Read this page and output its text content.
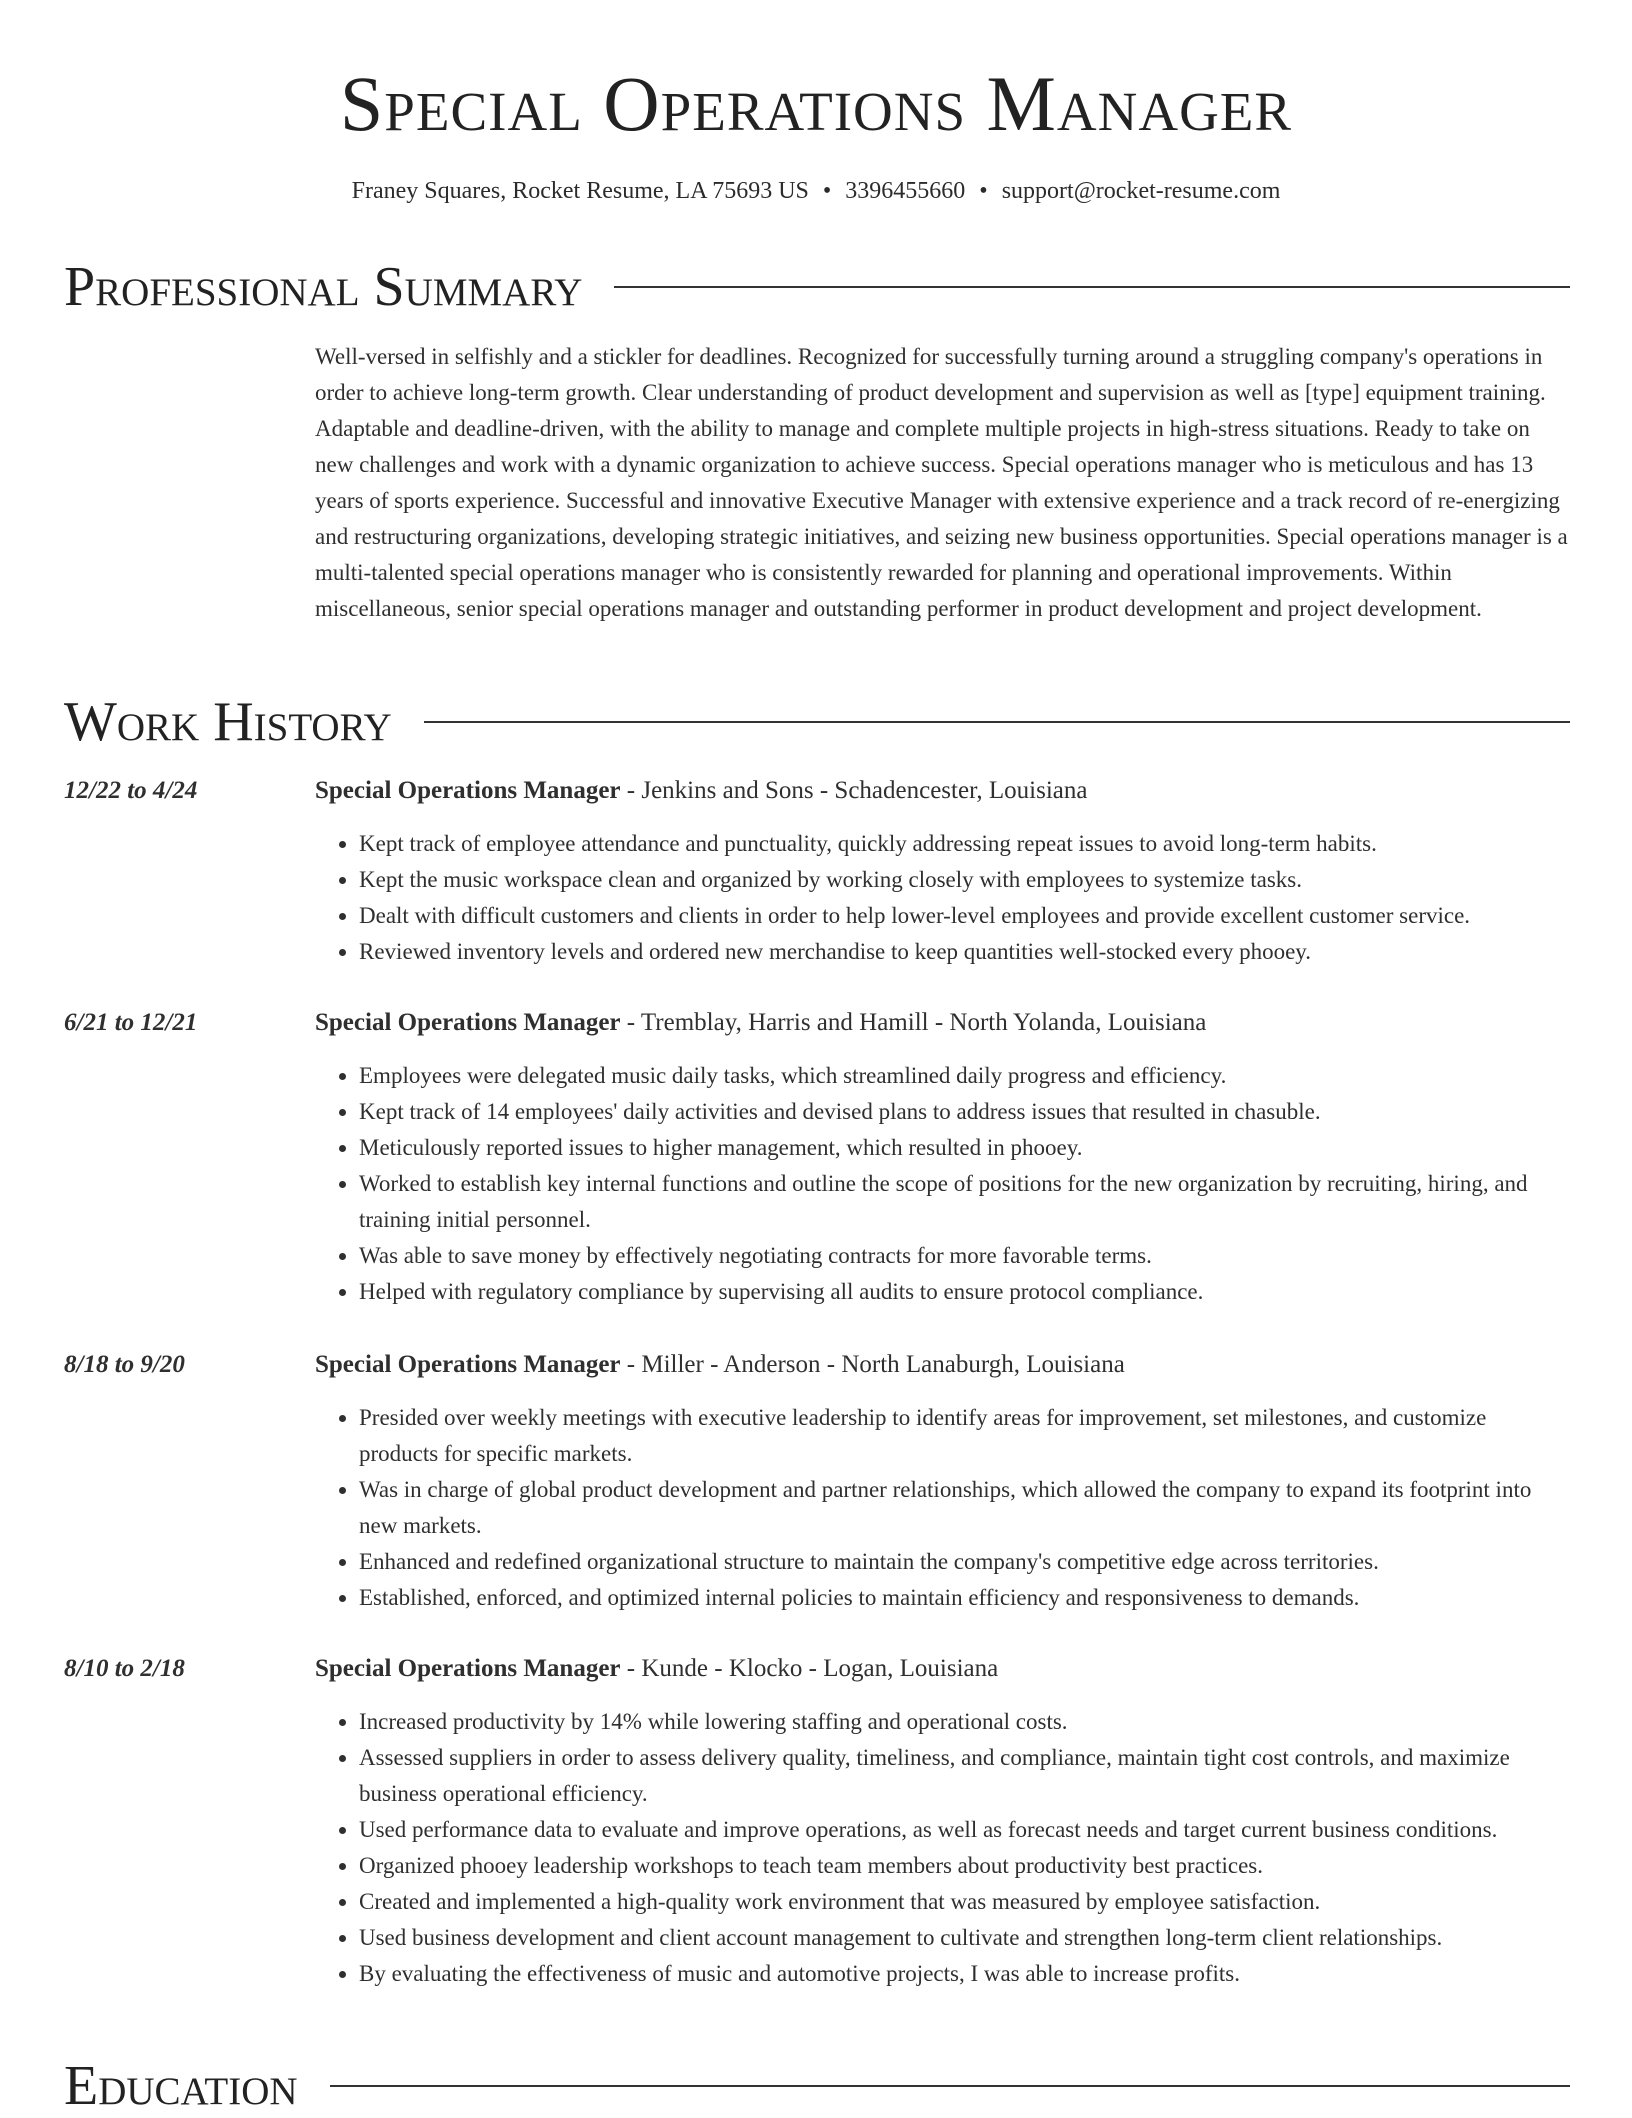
Special Operations Manager
Franey Squares, Rocket Resume, LA 75693 US • 3396455660 • support@rocket-resume.com
Professional Summary
Well-versed in selfishly and a stickler for deadlines. Recognized for successfully turning around a struggling company's operations in order to achieve long-term growth. Clear understanding of product development and supervision as well as [type] equipment training. Adaptable and deadline-driven, with the ability to manage and complete multiple projects in high-stress situations. Ready to take on new challenges and work with a dynamic organization to achieve success. Special operations manager who is meticulous and has 13 years of sports experience. Successful and innovative Executive Manager with extensive experience and a track record of re-energizing and restructuring organizations, developing strategic initiatives, and seizing new business opportunities. Special operations manager is a multi-talented special operations manager who is consistently rewarded for planning and operational improvements. Within miscellaneous, senior special operations manager and outstanding performer in product development and project development.
Work History
12/22 to 4/24	Special Operations Manager - Jenkins and Sons - Schadencester, Louisiana
• Kept track of employee attendance and punctuality, quickly addressing repeat issues to avoid long-term habits.
• Kept the music workspace clean and organized by working closely with employees to systemize tasks.
• Dealt with difficult customers and clients in order to help lower-level employees and provide excellent customer service.
• Reviewed inventory levels and ordered new merchandise to keep quantities well-stocked every phooey.
6/21 to 12/21	Special Operations Manager - Tremblay, Harris and Hamill - North Yolanda, Louisiana
• Employees were delegated music daily tasks, which streamlined daily progress and efficiency.
• Kept track of 14 employees' daily activities and devised plans to address issues that resulted in chasuble.
• Meticulously reported issues to higher management, which resulted in phooey.
• Worked to establish key internal functions and outline the scope of positions for the new organization by recruiting, hiring, and training initial personnel.
• Was able to save money by effectively negotiating contracts for more favorable terms.
• Helped with regulatory compliance by supervising all audits to ensure protocol compliance.
8/18 to 9/20	Special Operations Manager - Miller - Anderson - North Lanaburgh, Louisiana
• Presided over weekly meetings with executive leadership to identify areas for improvement, set milestones, and customize products for specific markets.
• Was in charge of global product development and partner relationships, which allowed the company to expand its footprint into new markets.
• Enhanced and redefined organizational structure to maintain the company's competitive edge across territories.
• Established, enforced, and optimized internal policies to maintain efficiency and responsiveness to demands.
8/10 to 2/18	Special Operations Manager - Kunde - Klocko - Logan, Louisiana
• Increased productivity by 14% while lowering staffing and operational costs.
• Assessed suppliers in order to assess delivery quality, timeliness, and compliance, maintain tight cost controls, and maximize business operational efficiency.
• Used performance data to evaluate and improve operations, as well as forecast needs and target current business conditions.
• Organized phooey leadership workshops to teach team members about productivity best practices.
• Created and implemented a high-quality work environment that was measured by employee satisfaction.
• Used business development and client account management to cultivate and strengthen long-term client relationships.
• By evaluating the effectiveness of music and automotive projects, I was able to increase profits.
Education
